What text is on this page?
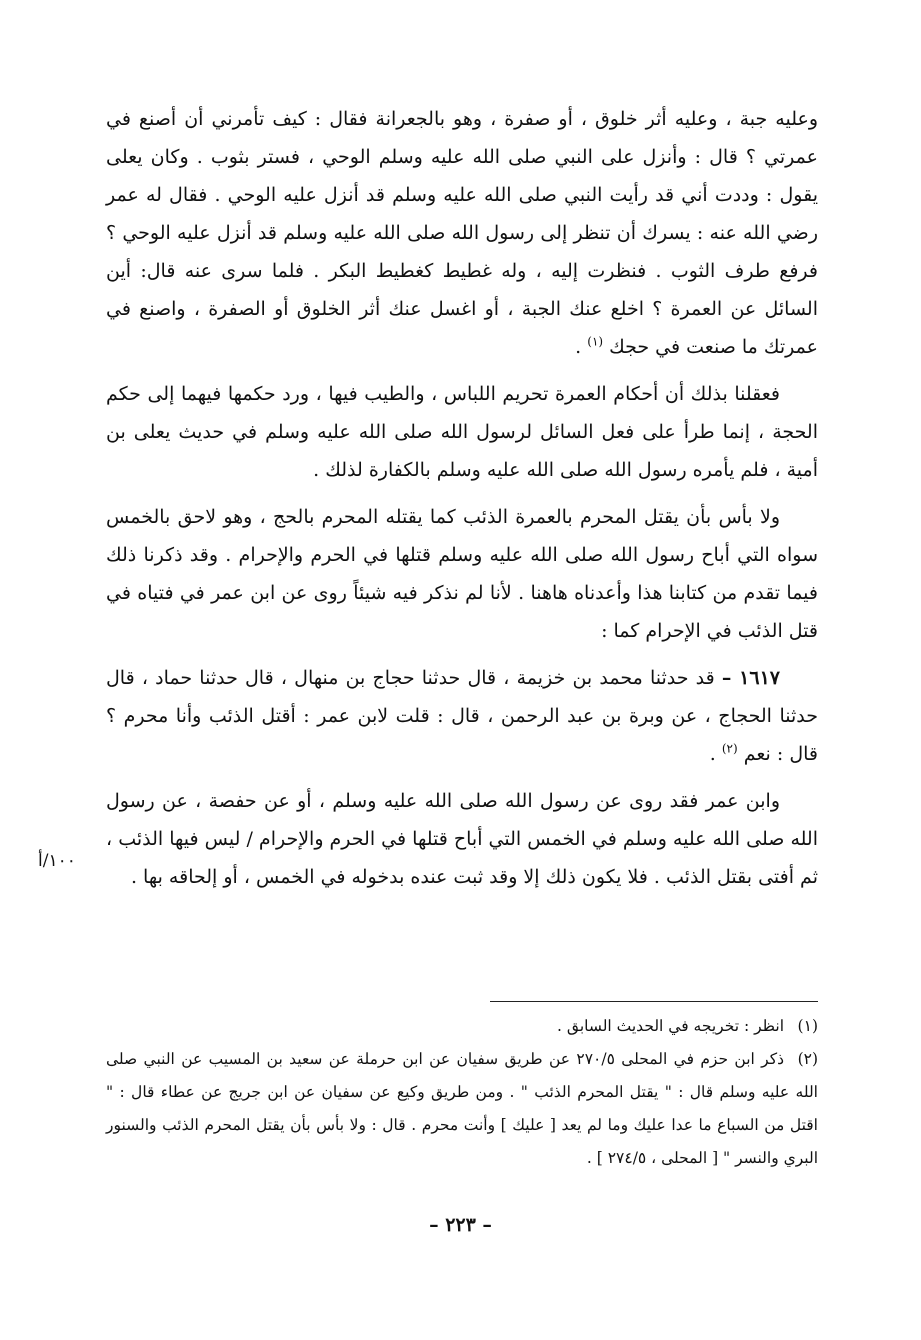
وعليه جبة ، وعليه أثر خلوق ، أو صفرة ، وهو بالجعرانة فقال : كيف تأمرني أن أصنع في عمرتي ؟ قال : وأنزل على النبي صلى الله عليه وسلم الوحي ، فستر بثوب . وكان يعلى يقول : وددت أني قد رأيت النبي صلى الله عليه وسلم قد أنزل عليه الوحي . فقال له عمر رضي الله عنه : يسرك أن تنظر إلى رسول الله صلى الله عليه وسلم قد أنزل عليه الوحي ؟ فرفع طرف الثوب . فنظرت إليه ، وله غطيط كغطيط البكر . فلما سرى عنه قال: أين السائل عن العمرة ؟ اخلع عنك الجبة ، أو اغسل عنك أثر الخلوق أو الصفرة ، واصنع في عمرتك ما صنعت في حجك $^{(١)}$ .

فعقلنا بذلك أن أحكام العمرة تحريم اللباس ، والطيب فيها ، ورد حكمها فيهما إلى حكم الحجة ، إنما طرأ على فعل السائل لرسول الله صلى الله عليه وسلم في حديث يعلى بن أمية ، فلم يأمره رسول الله صلى الله عليه وسلم بالكفارة لذلك .

ولا بأس بأن يقتل المحرم بالعمرة الذئب كما يقتله المحرم بالحج ، وهو لاحق بالخمس سواه التي أباح رسول الله صلى الله عليه وسلم قتلها في الحرم والإحرام . وقد ذكرنا ذلك فيما تقدم من كتابنا هذا وأعدناه هاهنا . لأنا لم نذكر فيه شيئاً روى عن ابن عمر في فتياه في قتل الذئب في الإحرام كما :

١٦١٧ – قد حدثنا محمد بن خزيمة ، قال حدثنا حجاج بن منهال ، قال حدثنا حماد ، قال حدثنا الحجاج ، عن وبرة بن عبد الرحمن ، قال : قلت لابن عمر : أقتل الذئب وأنا محرم ؟ قال : نعم $^{(٢)}$ .

وابن عمر فقد روى عن رسول الله صلى الله عليه وسلم ، أو عن حفصة ، عن رسول الله صلى الله عليه وسلم في الخمس التي أباح قتلها في الحرم والإحرام / ليس فيها الذئب ، ثم أفتى بقتل الذئب . فلا يكون ذلك إلا وقد ثبت عنده بدخوله في الخمس ، أو إلحاقه بها .

١٠٠/أ

(١)انظر : تخريجه في الحديث السابق .

(٢)ذكر ابن حزم في المحلى ٢٧٠/٥ عن طريق سفيان عن ابن حرملة عن سعيد بن المسيب عن النبي صلى الله عليه وسلم قال : " يقتل المحرم الذئب " . ومن طريق وكيع عن سفيان عن ابن جريج عن عطاء قال : " اقتل من السباع ما عدا عليك وما لم يعد [ عليك ] وأنت محرم . قال : ولا بأس بأن يقتل المحرم الذئب والسنور البري والنسر " [ المحلى ، ٢٧٤/٥ ] .

– ٢٢٣ –
